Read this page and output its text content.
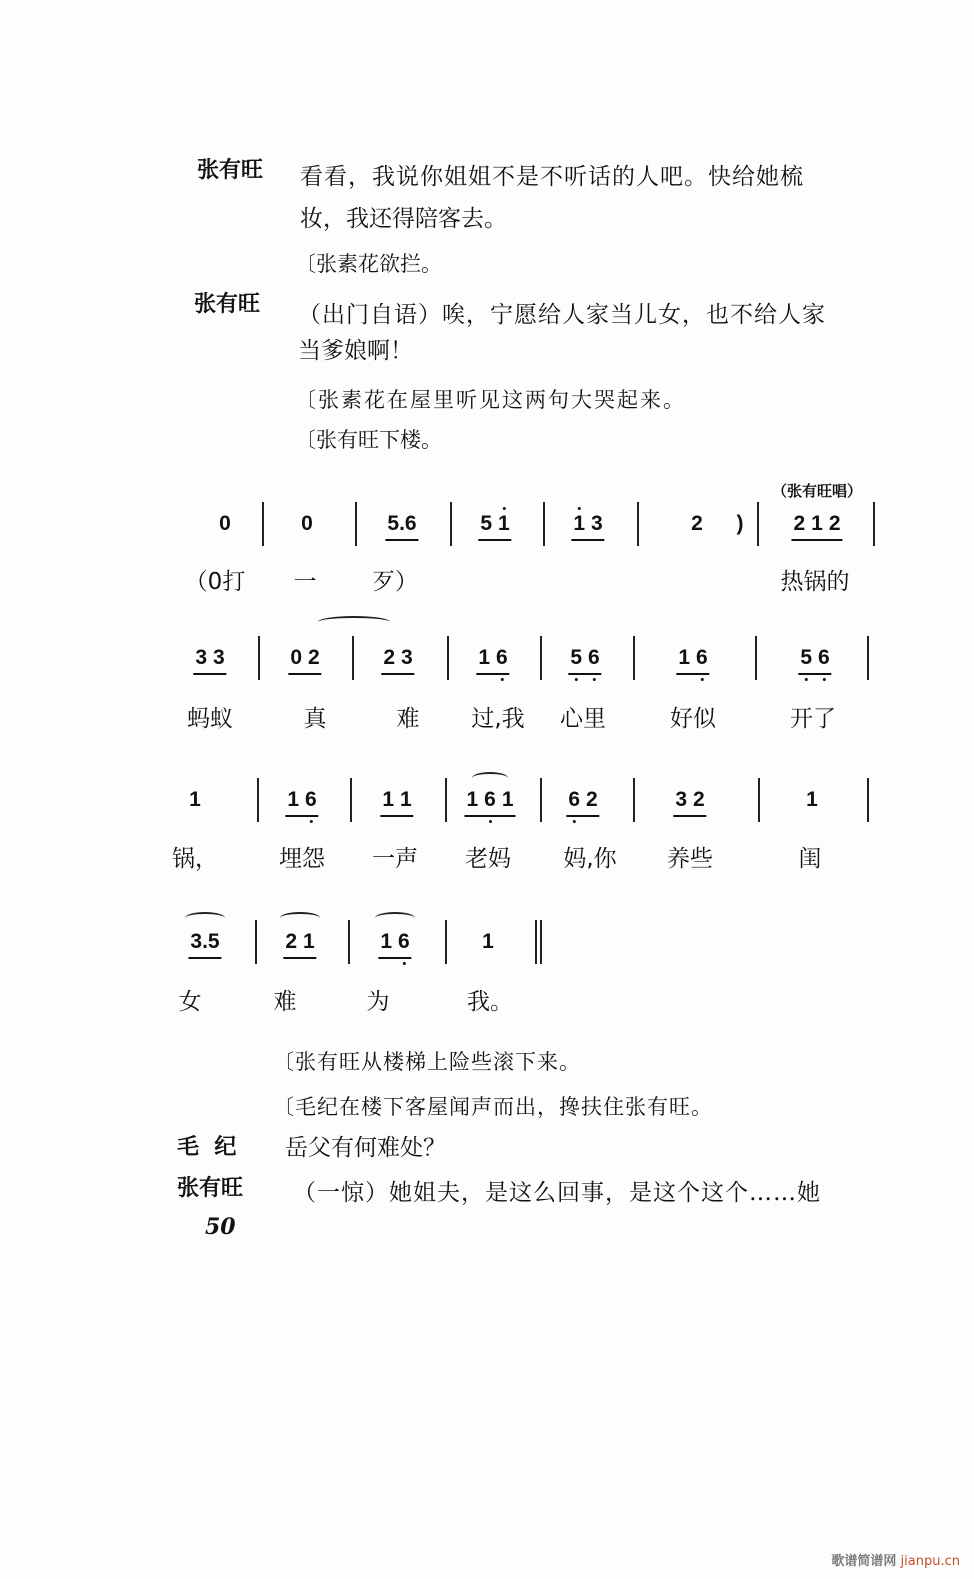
张有旺 看看，我说你姐姐不是不听话的人吧。快给她梳
妆，我还得陪客去。
〔张素花欲拦。
张有旺 （出门自语）唉，宁愿给人家当儿女，也不给人家
当爹娘啊！
〔张素花在屋里听见这两句大哭起来。
〔张有旺下楼。
（张有旺唱）
〔张有旺从楼梯上险些滚下来。
〔毛纪在楼下客屋闻声而出，搀扶住张有旺。
毛  纪 岳父有何难处？
张有旺 （一惊）她姐夫，是这么回事，是这个这个……她
50
歌谱简谱网 jianpu.cn
0	0	5.6	5 1	1 3	2 ) 2 1 2
（0打 一 歹）	热锅的
3 3	0 2	2 3	1 6	5 6	1 6	5 6
蚂蚁	真	难 过,我 心里	好似	开了
1	1 6	1 1	1 6 1	6 2	3 2	1
锅，	埋怨 一声 老妈 妈,你 养些	闺
3.5	2 1	1 6	1
女	难	为	我。
